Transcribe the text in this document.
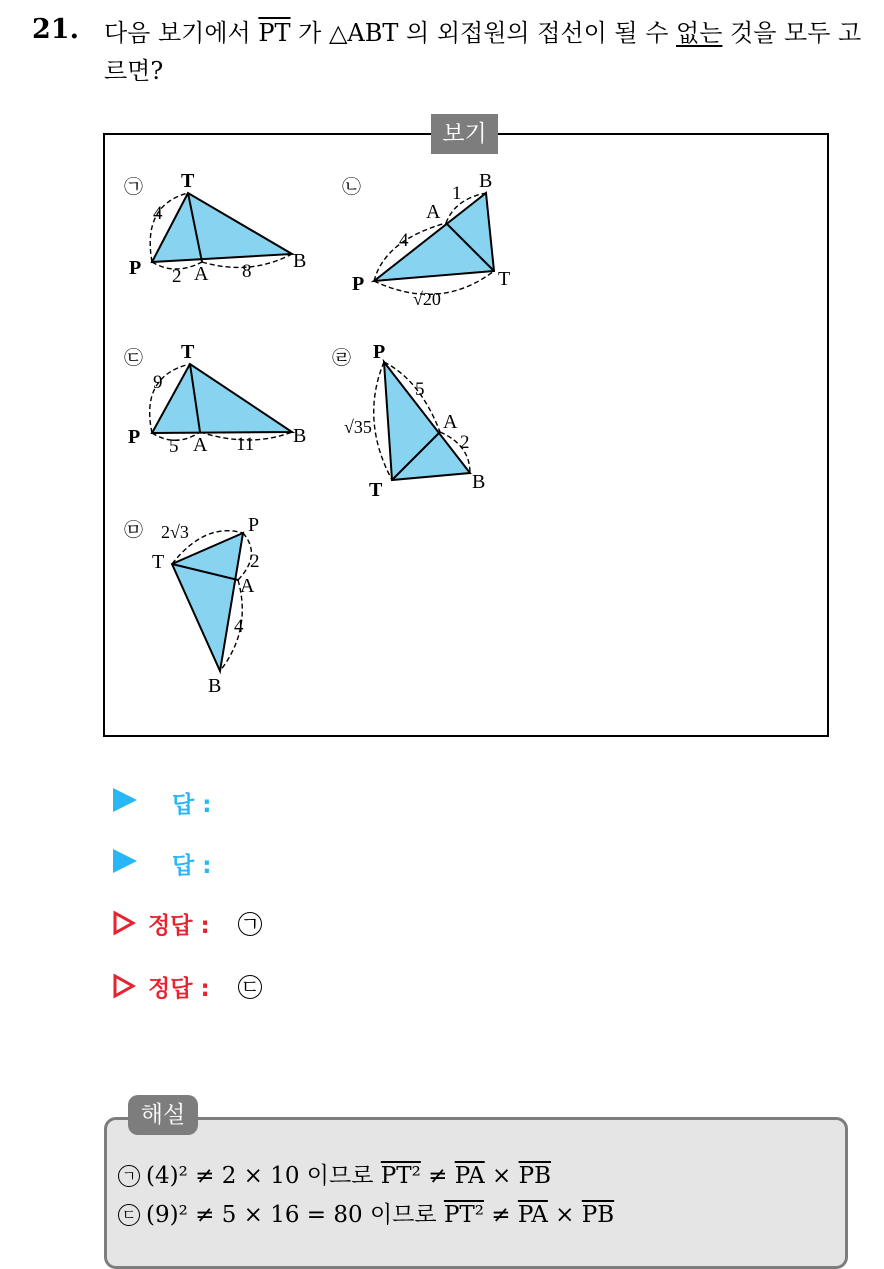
21. 다음 보기에서 $\overline{PT}$ 가 △ABT 의 외접원의 접선이 될 수 없는 것을 모두 고르면?
보기
㉠ T
4
P 2 A 8 B
㉡	B
1
A
4
P	T
√20
㉢ T
9
P 5 A 11 B
㉣ P
5
A
2
√35
T	B
㉤ 2√3	P
T	2
A
4
B
답 :
답 :
정답 : ㄱ
정답 : ㄷ
해설
ㄱ (4)² ≠ 2 × 10 이므로 $PT^2 \ne \overline{PA} \times \overline{PB}$
ㄷ (9)² ≠ 5 × 16 = 80 이므로 $PT^2 \ne \overline{PA} \times \overline{PB}$
